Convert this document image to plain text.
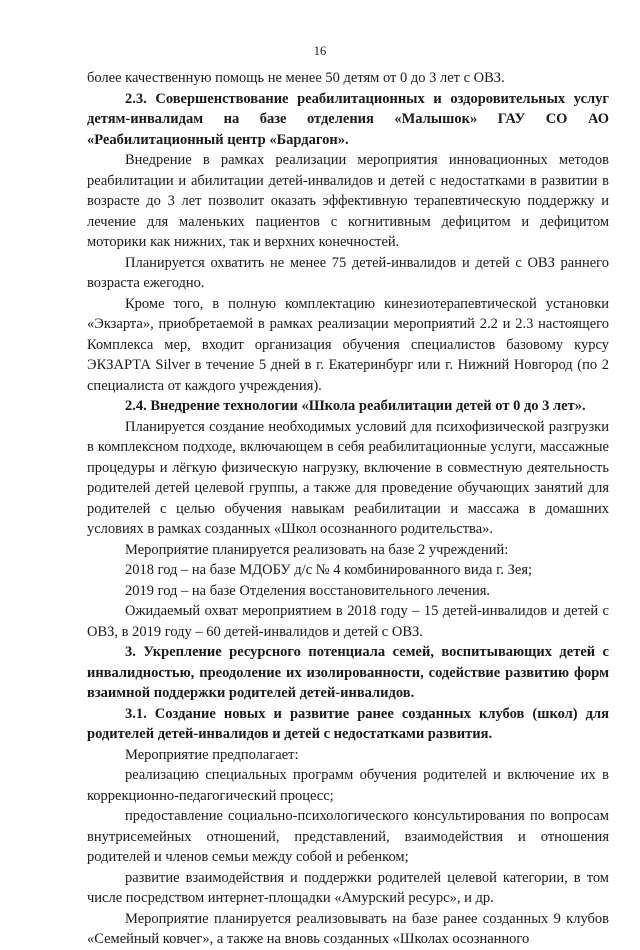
16

более качественную помощь не менее 50 детям от 0 до 3 лет с ОВЗ.

2.3. Совершенствование реабилитационных и оздоровительных услуг детям-инвалидам на базе отделения «Малышок» ГАУ СО АО «Реабилитационный центр «Бардагон».

Внедрение в рамках реализации мероприятия инновационных методов реабилитации и абилитации детей-инвалидов и детей с недостатками в развитии в возрасте до 3 лет позволит оказать эффективную терапевтическую поддержку и лечение для маленьких пациентов с когнитивным дефицитом и дефицитом моторики как нижних, так и верхних конечностей.

Планируется охватить не менее 75 детей-инвалидов и детей с ОВЗ раннего возраста ежегодно.

Кроме того, в полную комплектацию кинезиотерапевтической установки «Экзарта», приобретаемой в рамках реализации мероприятий 2.2 и 2.3 настоящего Комплекса мер, входит организация обучения специалистов базовому курсу ЭКЗАРТА Silver в течение 5 дней в г. Екатеринбург или г. Нижний Новгород (по 2 специалиста от каждого учреждения).

2.4. Внедрение технологии «Школа реабилитации детей от 0 до 3 лет».

Планируется создание необходимых условий для психофизической разгрузки в комплексном подходе, включающем в себя реабилитационные услуги, массажные процедуры и лёгкую физическую нагрузку, включение в совместную деятельность родителей детей целевой группы, а также для проведение обучающих занятий для родителей с целью обучения навыкам реабилитации и массажа в домашних условиях в рамках созданных «Школ осознанного родительства».

Мероприятие планируется реализовать на базе 2 учреждений:

2018 год – на базе МДОБУ д/с № 4 комбинированного вида г. Зея;

2019 год – на базе Отделения восстановительного лечения.

Ожидаемый охват мероприятием в 2018 году – 15 детей-инвалидов и детей с ОВЗ, в 2019 году – 60 детей-инвалидов и детей с ОВЗ.

3. Укрепление ресурсного потенциала семей, воспитывающих детей с инвалидностью, преодоление их изолированности, содействие развитию форм взаимной поддержки родителей детей-инвалидов.

3.1. Создание новых и развитие ранее созданных клубов (школ) для родителей детей-инвалидов и детей с недостатками развития.

Мероприятие предполагает:

реализацию специальных программ обучения родителей и включение их в коррекционно-педагогический процесс;

предоставление социально-психологического консультирования по вопросам внутрисемейных отношений, представлений, взаимодействия и отношения родителей и членов семьи между собой и ребенком;

развитие взаимодействия и поддержки родителей целевой категории, в том числе посредством интернет-площадки «Амурский ресурс», и др.

Мероприятие планируется реализовывать на базе ранее созданных 9 клубов «Семейный ковчег», а также на вновь созданных «Школах осознанного
